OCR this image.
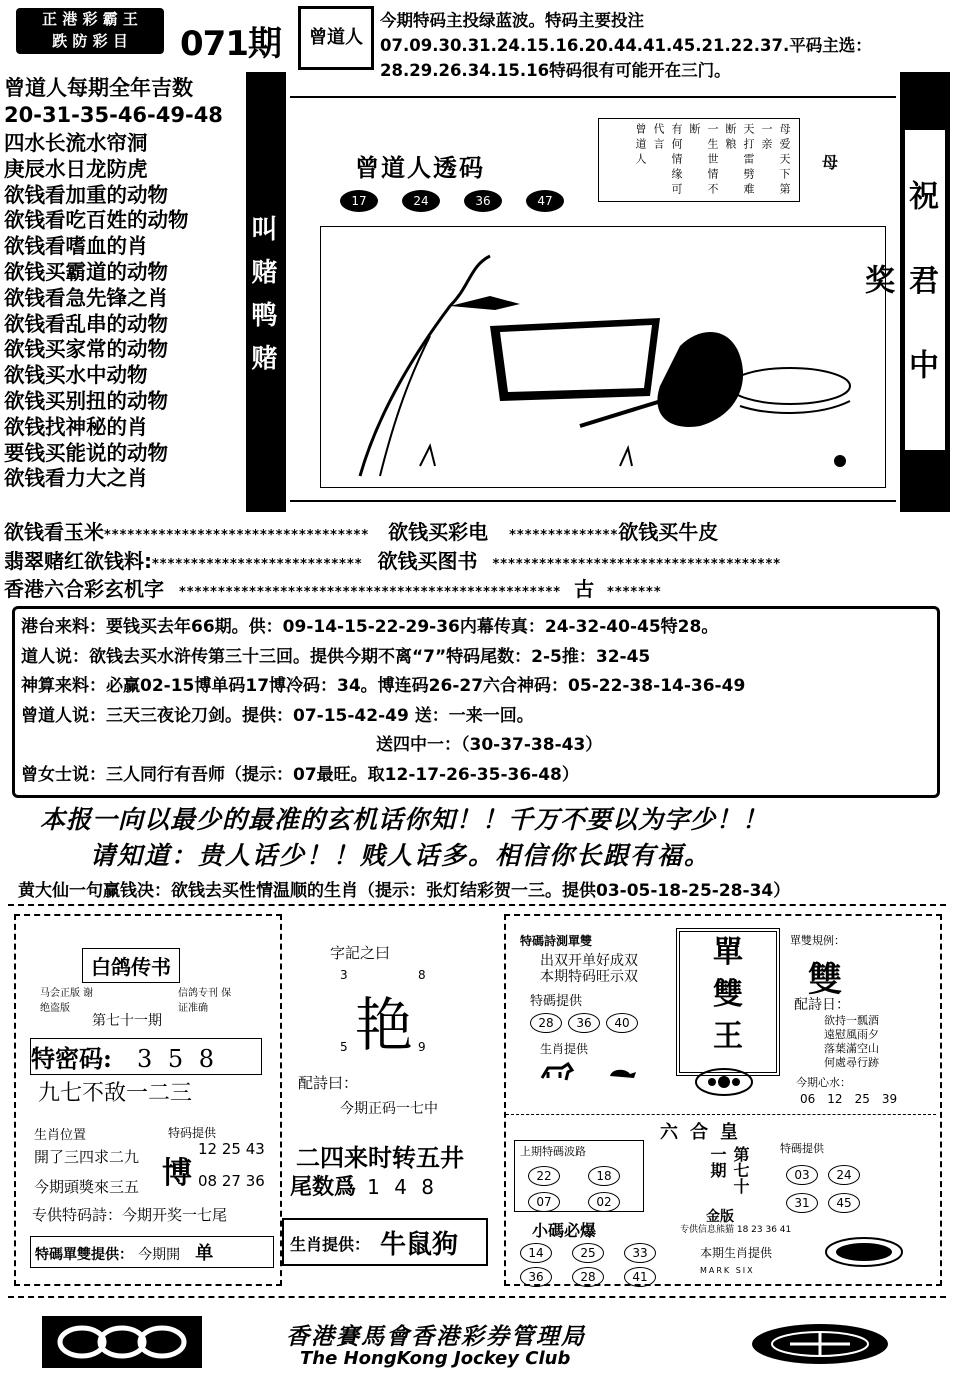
正 港 彩 霸 王
跌 防 彩 目	071期	曾道人
今期特码主投绿蓝波。特码主要投注07.09.30.31.24.15.16.20.44.41.45.21.22.37.平码主选：28.29.26.34.15.16特码很有可能开在三门。
曾道人每期全年吉数
20-31-35-46-49-48
四水长流水帘洞
庚辰水日龙防虎
欲钱看加重的动物
欲钱看吃百姓的动物
欲钱看嗜血的肖
欲钱买霸道的动物
欲钱看急先锋之肖
欲钱看乱串的动物
欲钱买家常的动物
欲钱买水中动物
欲钱买别扭的动物
欲钱找神秘的肖
要钱买能说的动物
欲钱看力大之肖
叫 赌 鸭 赌	祝 君 中 奖
曾道人透码
17	24	36	47
母爱天下第一亲
天打雷劈难断粮
一生世情不断
有何情缘可代言
曾道人	母
欲钱看玉米********************************** 欲钱买彩电 **************欲钱买牛皮
翡翠赌红欲钱料:*************************** 欲钱买图书 *************************************
香港六合彩玄机字 ************************************************* 古 *******
港台来料：要钱买去年66期。供：09-14-15-22-29-36内幕传真：24-32-40-45特28。
道人说：欲钱去买水浒传第三十三回。提供今期不离“7”特码尾数：2-5推：32-45
神算来料：必赢02-15博单码17博冷码：34。博连码26-27六合神码：05-22-38-14-36-49
曾道人说：三天三夜论刀剑。提供：07-15-42-49 送：一来一回。
送四中一：（30-37-38-43）
曾女士说：三人同行有吾师（提示：07最旺。取12-17-26-35-36-48）
本报一向以最少的最准的玄机话你知！！千万不要以为字少！！
请知道：贵人话少！！贱人话多。相信你长跟有福。
黄大仙一句赢钱决：欲钱去买性情温顺的生肖（提示：张灯结彩贺一三。提供03-05-18-25-28-34）
白鸽传书
马会正版 谢绝盗版
信鸽专刊 保证准确
第七十一期
特密码: 3 5 8
九七不敌一二三
生肖位置
開了三四求二九
今期頭獎來三五
特码提供
博
12 25 43
08 27 36
专供特码詩：今期开奖一七尾
特碼單雙提供： 今期開 单
字記之曰
3	8
艳
5	9
配詩曰：
今期正码一七中
二四来时转五井
尾数爲 1 4 8
生肖提供： 牛鼠狗
特碼詩測單雙
出双开单好成双
本期特码旺示双
特碼提供
28 36 40
生肖提供
單
雙
王
單雙規例：
雙
配詩日：
欲持一瓢酒
遠慰風雨夕
落葉滿空山
何處尋行跡
今期心水：
06 12 25 39
六合皇
上期特碼波路
22	18
07	02
第七十一期
金版
特碼提供
03 24
31 45
小碼必爆	专供信息熊猫 18 23 36 41
14	25	33
36	28	41
本期生肖提供
MARK SIX
香港賽馬會香港彩券管理局
The HongKong Jockey Club
